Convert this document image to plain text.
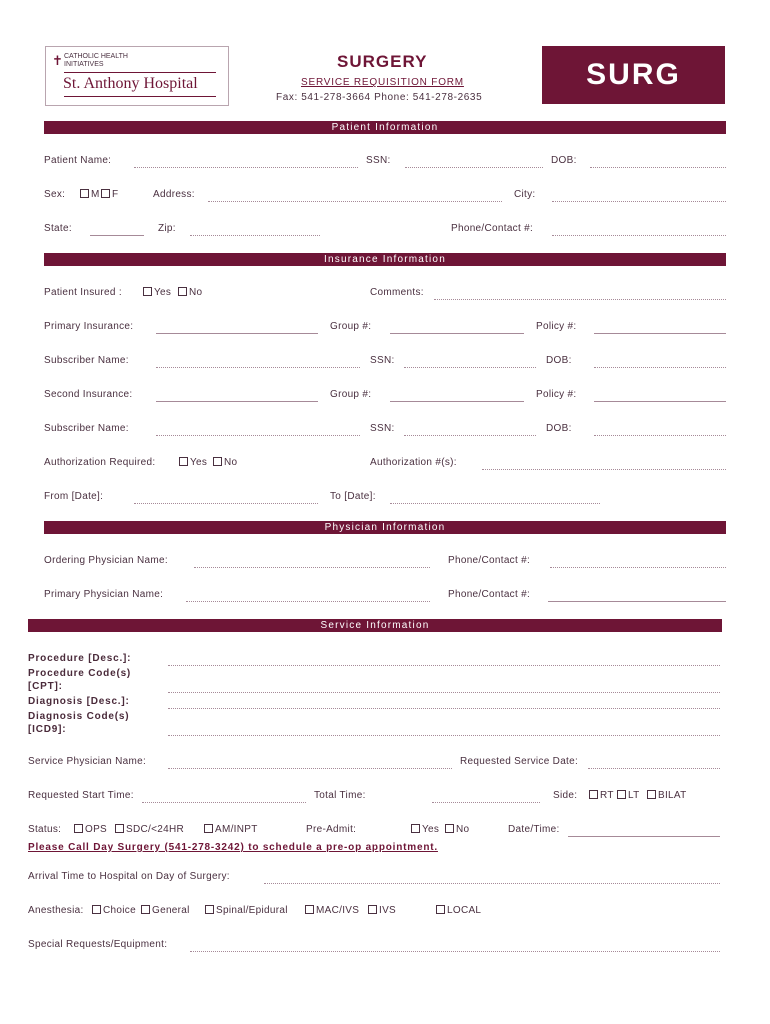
✝ CATHOLIC HEALTH
INITIATIVES
St. Anthony Hospital
SURGERY
SERVICE REQUISITION FORM
Fax: 541-278-3664 Phone: 541-278-2635
SURG
Patient Information
Patient Name:	SSN:	DOB:
Sex:	M	F	Address:	City:
State:	Zip:	Phone/Contact #:
Insurance Information
Patient Insured :	Yes	No	Comments:
Primary Insurance:	Group #:	Policy #:
Subscriber Name:	SSN:	DOB:
Second Insurance:	Group #:	Policy #:
Subscriber Name:	SSN:	DOB:
Authorization Required:	Yes	No	Authorization #(s):
From [Date]:	To [Date]:
Physician Information
Ordering Physician Name:	Phone/Contact #:
Primary Physician Name:	Phone/Contact #:
Service Information
Procedure [Desc.]:
Procedure Code(s)
[CPT]:
Diagnosis [Desc.]:
Diagnosis Code(s)
[ICD9]:
Service Physician Name:	Requested Service Date:
Requested Start Time:	Total Time:	Side:	RT	LT	BILAT
Status:	OPS	SDC/<24HR	AM/INPT	Pre-Admit:	Yes	No	Date/Time:
Please Call Day Surgery (541-278-3242) to schedule a pre-op appointment.
Arrival Time to Hospital on Day of Surgery:
Anesthesia:	Choice	General	Spinal/Epidural	MAC/IVS	IVS	LOCAL
Special Requests/Equipment:
